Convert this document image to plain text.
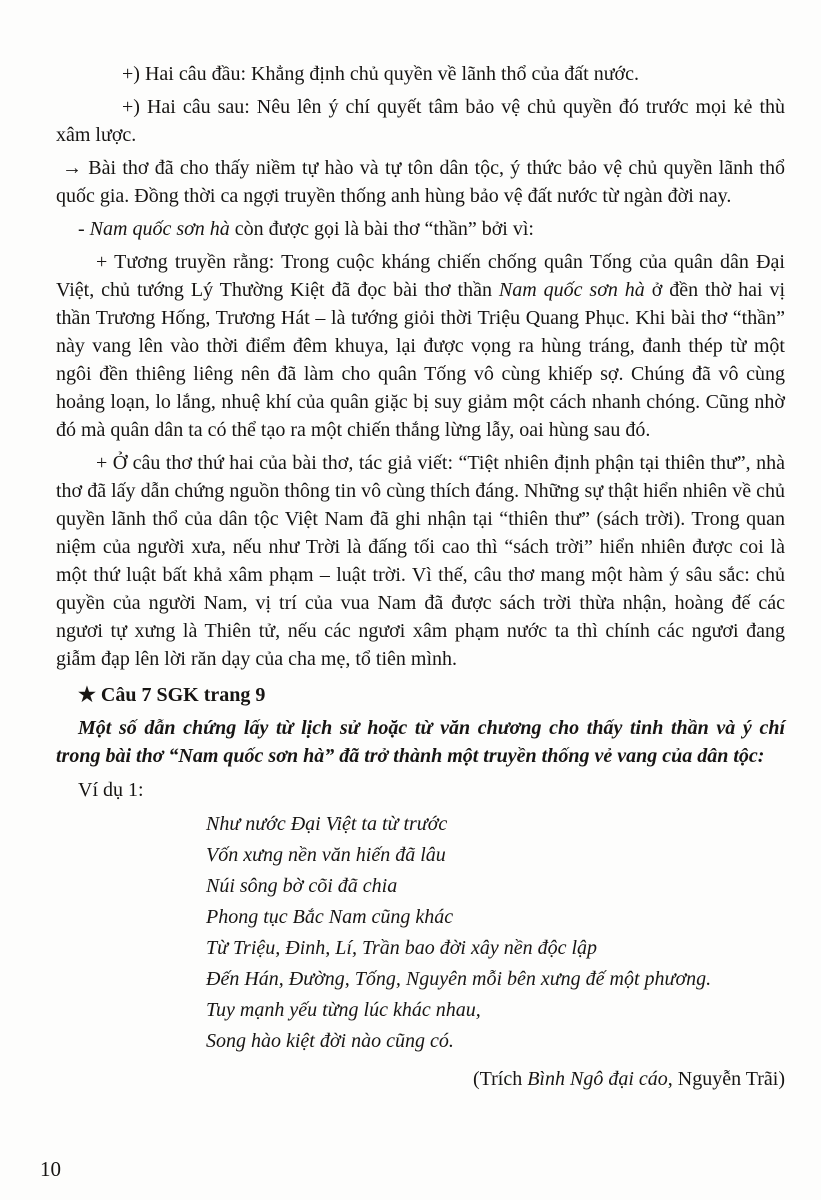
+) Hai câu đầu: Khẳng định chủ quyền về lãnh thổ của đất nước.

+) Hai câu sau: Nêu lên ý chí quyết tâm bảo vệ chủ quyền đó trước mọi kẻ thù xâm lược.

→ Bài thơ đã cho thấy niềm tự hào và tự tôn dân tộc, ý thức bảo vệ chủ quyền lãnh thổ quốc gia. Đồng thời ca ngợi truyền thống anh hùng bảo vệ đất nước từ ngàn đời nay.

- Nam quốc sơn hà còn được gọi là bài thơ “thần” bởi vì:

+ Tương truyền rằng: Trong cuộc kháng chiến chống quân Tống của quân dân Đại Việt, chủ tướng Lý Thường Kiệt đã đọc bài thơ thần Nam quốc sơn hà ở đền thờ hai vị thần Trương Hống, Trương Hát – là tướng giỏi thời Triệu Quang Phục. Khi bài thơ “thần” này vang lên vào thời điểm đêm khuya, lại được vọng ra hùng tráng, đanh thép từ một ngôi đền thiêng liêng nên đã làm cho quân Tống vô cùng khiếp sợ. Chúng đã vô cùng hoảng loạn, lo lắng, nhuệ khí của quân giặc bị suy giảm một cách nhanh chóng. Cũng nhờ đó mà quân dân ta có thể tạo ra một chiến thắng lừng lẫy, oai hùng sau đó.

+ Ở câu thơ thứ hai của bài thơ, tác giả viết: “Tiệt nhiên định phận tại thiên thư”, nhà thơ đã lấy dẫn chứng nguồn thông tin vô cùng thích đáng. Những sự thật hiển nhiên về chủ quyền lãnh thổ của dân tộc Việt Nam đã ghi nhận tại “thiên thư” (sách trời). Trong quan niệm của người xưa, nếu như Trời là đấng tối cao thì “sách trời” hiển nhiên được coi là một thứ luật bất khả xâm phạm – luật trời. Vì thế, câu thơ mang một hàm ý sâu sắc: chủ quyền của người Nam, vị trí của vua Nam đã được sách trời thừa nhận, hoàng đế các ngươi tự xưng là Thiên tử, nếu các ngươi xâm phạm nước ta thì chính các ngươi đang giẫm đạp lên lời răn dạy của cha mẹ, tổ tiên mình.

★ Câu 7 SGK trang 9

Một số dẫn chứng lấy từ lịch sử hoặc từ văn chương cho thấy tinh thần và ý chí trong bài thơ “Nam quốc sơn hà” đã trở thành một truyền thống vẻ vang của dân tộc:

Ví dụ 1:

Như nước Đại Việt ta từ trước

Vốn xưng nền văn hiến đã lâu

Núi sông bờ cõi đã chia

Phong tục Bắc Nam cũng khác

Từ Triệu, Đinh, Lí, Trần bao đời xây nền độc lập

Đến Hán, Đường, Tống, Nguyên mỗi bên xưng đế một phương.

Tuy mạnh yếu từng lúc khác nhau,

Song hào kiệt đời nào cũng có.

(Trích Bình Ngô đại cáo, Nguyễn Trãi)

10
